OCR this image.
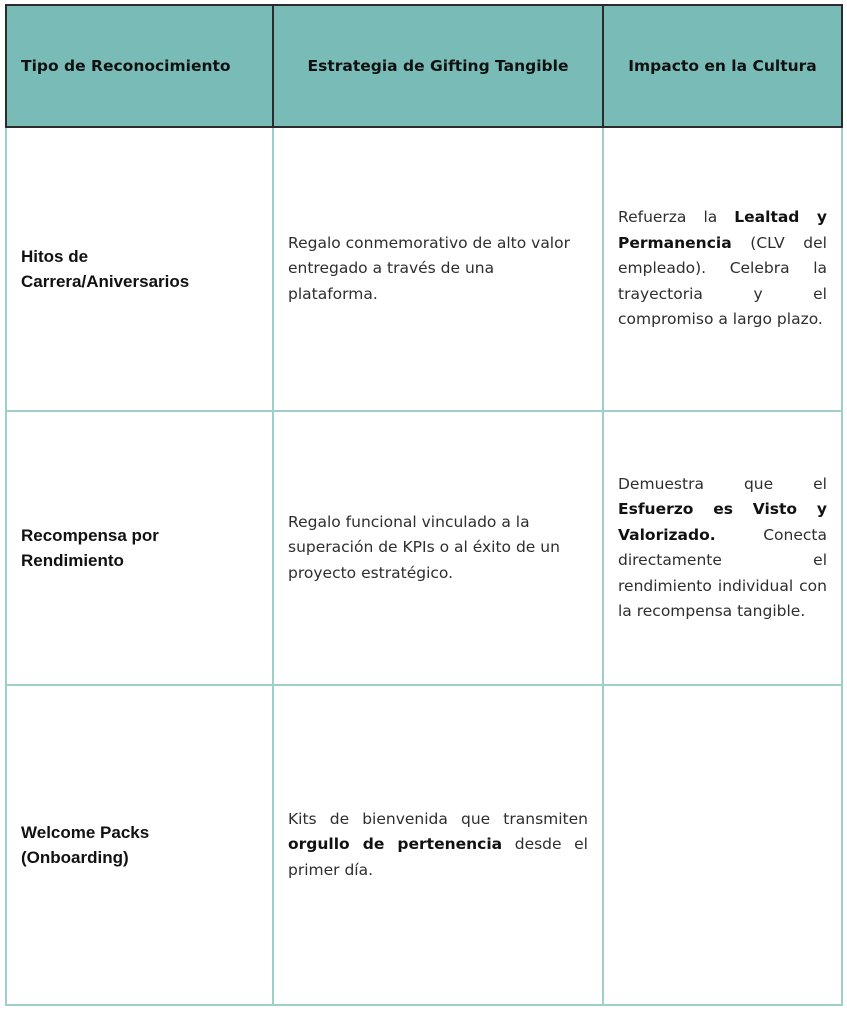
Tipo de Reconocimiento	Estrategia de Gifting Tangible	Impacto en la Cultura
Hitos de Carrera/Aniversarios	Regalo conmemorativo de alto valor entregado a través de una plataforma.	Refuerza la Lealtad y Permanencia (CLV del empleado). Celebra la trayectoria y el compromiso a largo plazo.
Recompensa por Rendimiento	Regalo funcional vinculado a la superación de KPIs o al éxito de un proyecto estratégico.	Demuestra que el Esfuerzo es Visto y Valorizado. Conecta directamente el rendimiento individual con la recompensa tangible.
Welcome Packs (Onboarding)	Kits de bienvenida que transmiten orgullo de pertenencia desde el primer día.	
